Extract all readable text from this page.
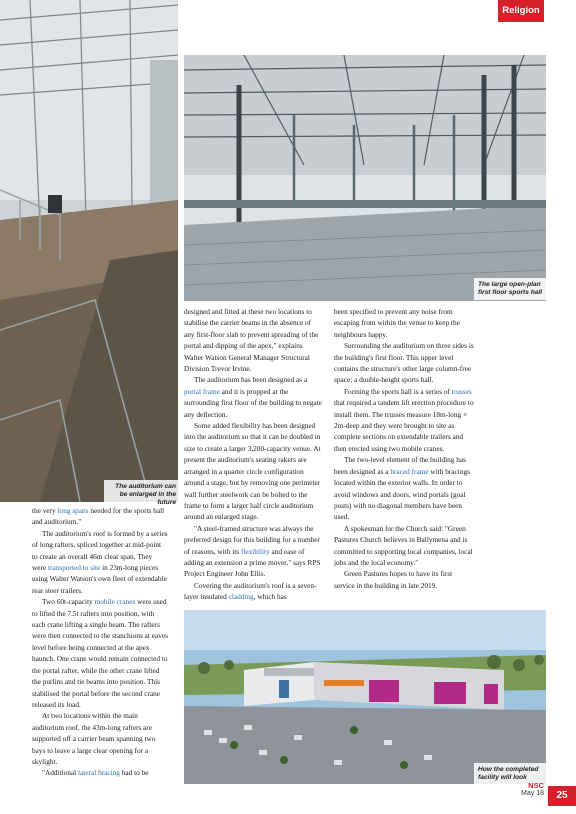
Religion
The auditorium can be enlarged in the future
The large open-plan first floor sports hall
How the completed facility will look

the very long spans needed for the sports hall and auditorium."

The auditorium's roof is formed by a series of long rafters, spliced together at mid-point to create an overall 46m clear span. They were transported to site in 23m-long pieces using Walter Watson's own fleet of extendable rear steer trailers.

Two 60t-capacity mobile cranes were used to lifted the 7.5t rafters into position, with each crane lifting a single beam. The rafters were then connected to the stanchions at eaves level before being connected at the apex haunch. One crane would remain connected to the portal rafter, while the other crane lifted the purlins and tie beams into position. This stabilised the portal before the second crane released its load.

At two locations within the main auditorium roof, the 43m-long rafters are supported off a carrier beam spanning two bays to leave a large clear opening for a skylight.

"Additional lateral bracing had to be

designed and fitted at these two locations to stabilise the carrier beams in the absence of any first-floor slab to prevent spreading of the portal and dipping of the apex," explains Walter Watson General Manager Structural Division Trevor Irvine.

The auditorium has been designed as a portal frame and it is propped at the surrounding first floor of the building to negate any deflection.

Some added flexibility has been designed into the auditorium so that it can be doubled in size to create a larger 3,200-capacity venue. At present the auditorium's seating rakers are arranged in a quarter circle configuration around a stage, but by removing one perimeter wall further steelwork can be bolted to the frame to form a larger half circle auditorium around an enlarged stage.

"A steel-framed structure was always the preferred design for this building for a number of reasons, with its flexibility and ease of adding an extension a prime mover," says RPS Project Engineer John Ellis.

Covering the auditorium's roof is a seven-layer insulated cladding, which has

been specified to prevent any noise from escaping from within the venue to keep the neighbours happy.

Surrounding the auditorium on three sides is the building's first floor. This upper level contains the structure's other large column-free space; a double-height sports hall.

Forming the sports hall is a series of trusses that required a tandem lift erection procedure to install them. The trusses measure 18m-long × 2m-deep and they were brought to site as complete sections on extendable trailers and then erected using two mobile cranes.

The two-level element of the building has been designed as a braced frame with bracings located within the exterior walls. In order to avoid windows and doors, wind portals (goal posts) with no diagonal members have been used.

A spokesman for the Church said: "Green Pastures Church believes in Ballymena and is committed to supporting local companies, local jobs and the local economy."

Green Pastures hopes to have its first service in the building in late 2019.

NSC
May 18	25
